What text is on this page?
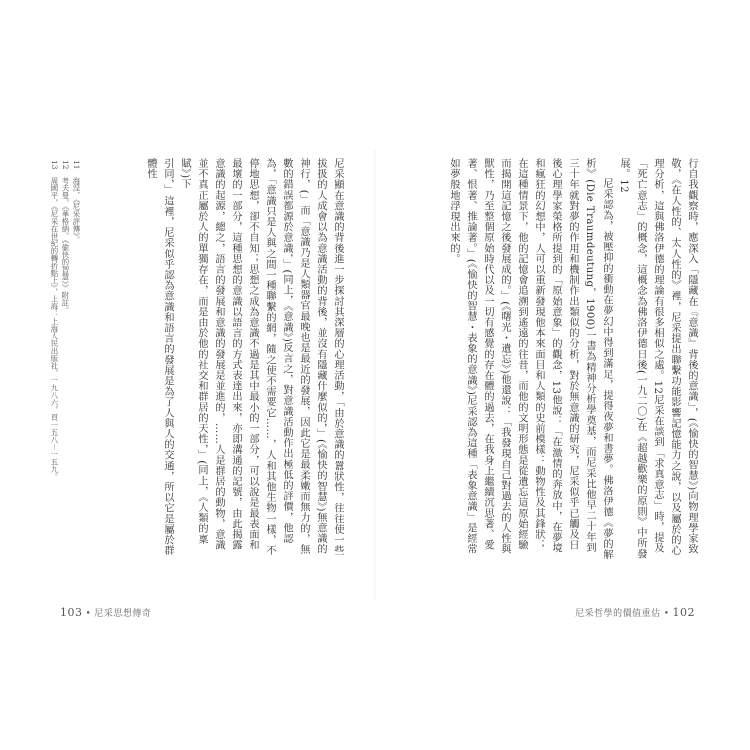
行自我觀察時，應深入「隱藏在『意識』背後的意識」，(《愉快的智慧》)向物理學家致敬，《在人性的、太人性的》裡，尼采提出聯繫功能影響記憶能力之說，以及屬於的心理分析，這與佛洛伊德的理論有很多相似之處。12尼采在談到「求真意志」時，提及「死亡意志」的概念，這概念為佛洛伊德日後(一九二〇)在《超越歡樂的原則》中所發展。12

尼采認為，被壓抑的衝動在夢幻中得到滿足，提得夜夢和書夢。佛洛伊德《夢的解析》(Die Traumdeutung，1900)一書為精神分析學奠基，而尼采比他早二十年到三十年就對夢的作用和機制作出類似的分析，對於無意識的研究，尼采似乎已觸及日後心理學家榮格所提到的「原始意象」的觀念，13他說：「在激情的奔放中，在夢境和瘋狂的幻想中，人可以重新發現他本來面目和人類的史前模樣：動物性及其鋒狀；在這種情景下，他的記憶會追溯到遙遠的往昔，而他的文明形態是從遺忘這原始經驗而揭開這記憶之後發展成的。」(《曙光・遺忘》)他還說：「我發現自己對過去的人性與獸性，乃至整個原始時代以及一切有感覺的存在體的過去，在我身上繼續沉思著、愛著、恨著、推論著。」(《愉快的智慧・表象的意識》)尼采認為這種「表象意識」是經常如夢般地浮現出來的。

尼采哲學的價值重估 • 102

尼采顯在意識的背後進一步探討其深層的心理活動，「由於意識的囂狀性，往往使一些拔扱的人成會以為意識活動的背後，並沒有隱藏什麼似的，」(《愉快的智慧》)無意識的神行，(」而「意識乃是人類器官最晚也是最近的發展，因此它是最柔嫩而無力的，無數的錯誤都源於意識，」(同上，《意識》)反言之，對意識活動作出極低的評價，他認為，「意識只是人與之間一種聯繫的網，隨之使不需要它……，人和其他生物一樣，不停地思想，卻不自知；思想之成為意識不過是其中最小的一部分，可以說是最表面和最壞的一部分，這種思想的意識以語言的方式表達出來，亦即溝通的記號，由此揭露意識的起源，總之，語言的發展和意識的發展是並進的，……人是群居的動物，意識並不真正屬於人的單獨存在，而是由於他的社交和群居的天性，」(同上，《人類的稟賦》)下

引同，」這裡，尼采似乎認為意識和語言的發展是為了人與人的交通，所以它是屬於群體性

11　海涅，《尼采評傳》。
12　考夫曼，《華格納、《偷快的智慧》》附註。
13　周國平，《尼采在世紀的轉折點上》，上海：上海人民出版社，一九八六，頁一五八－一五九。
103 • 尼采思想傳奇
